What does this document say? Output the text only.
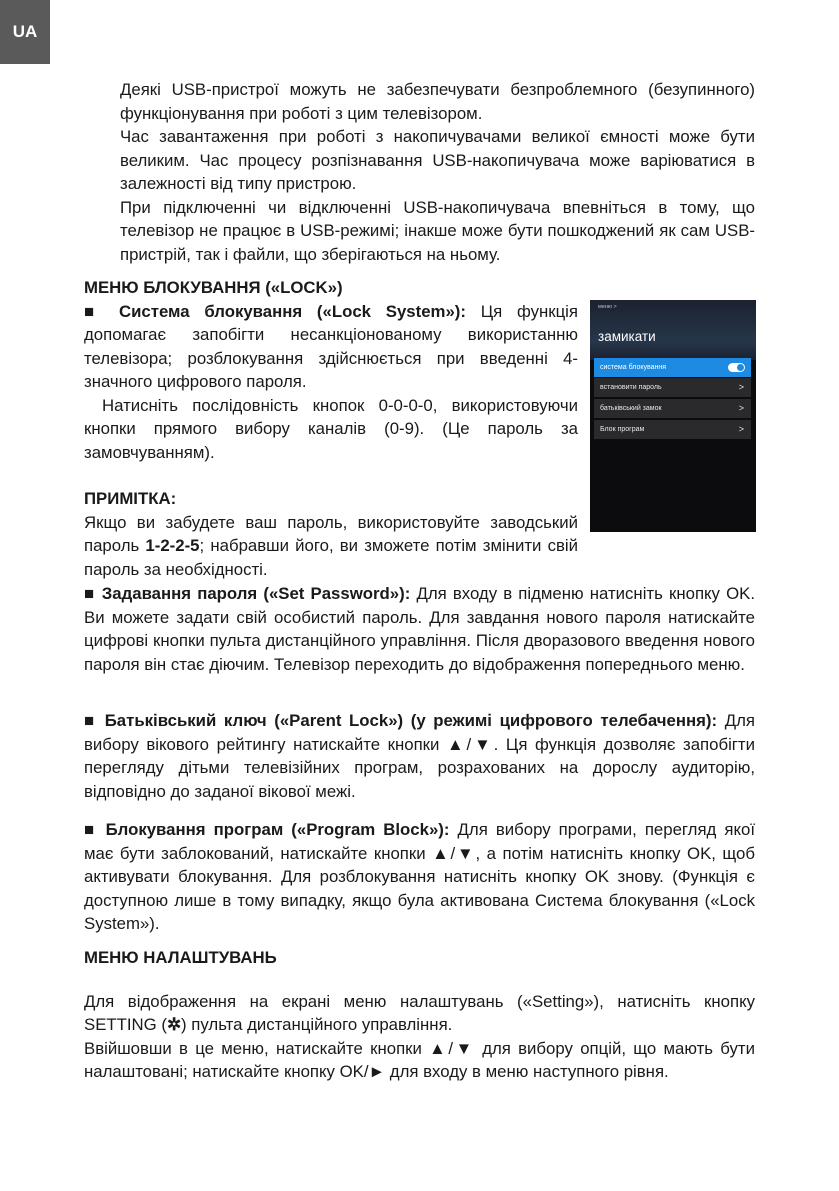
UA

Деякі USB-пристрої можуть не забезпечувати безпроблемного (безупинного) функціонування при роботі з цим телевізором.

Час завантаження при роботі з накопичувачами великої ємності може бути великим. Час процесу розпізнавання USB-накопичувача може варіюватися в залежності від типу пристрою.

При підключенні чи відключенні USB-накопичувача впевніться в тому, що телевізор не працює в USB-режимі; інакше може бути пошкоджений як сам USB-пристрій, так і файли, що зберігаються на ньому.

МЕНЮ БЛОКУВАННЯ («LOCK»)

■ Система блокування («Lock System»): Ця функція допомагає запобігти несанкціонованому використанню телевізора; розблокування здійснюється при введенні 4-значного цифрового пароля.

Натисніть послідовність кнопок 0-0-0-0, використовуючи кнопки прямого вибору каналів (0-9). (Це пароль за замовчуванням).

ПРИМІТКА:

Якщо ви забудете ваш пароль, використовуйте заводський пароль 1-2-2-5; набравши його, ви зможете потім змінити свій пароль за необхідності.

■ Задавання пароля («Set Password»): Для входу в підменю натисніть кнопку OK. Ви можете задати свій особистий пароль. Для завдання нового пароля натискайте цифрові кнопки пульта дистанційного управління. Після дворазового введення нового пароля він стає діючим. Телевізор переходить до відображення попереднього меню.

■ Батьківський ключ («Parent Lock») (у режимі цифрового телебачення): Для вибору вікового рейтингу натискайте кнопки ▲/▼. Ця функція дозволяє запобігти перегляду дітьми телевізійних програм, розрахованих на дорослу аудиторію, відповідно до заданої вікової межі.

■ Блокування програм («Program Block»): Для вибору програми, перегляд якої має бути заблокований, натискайте кнопки ▲/▼, а потім натисніть кнопку OK, щоб активувати блокування. Для розблокування натисніть кнопку OK знову. (Функція є доступною лише в тому випадку, якщо була активована Система блокування («Lock System»).

МЕНЮ НАЛАШТУВАНЬ

Для відображення на екрані меню налаштувань («Setting»), натисніть кнопку SETTING (✲) пульта дистанційного управління.

Ввійшовши в це меню, натискайте кнопки ▲/▼ для вибору опцій, що мають бути налаштовані; натискайте кнопку OK/► для входу в меню наступного рівня.

меню >
замикати
система блокування
встановити пароль	>
батьківський замок	>
Блок програм	>
